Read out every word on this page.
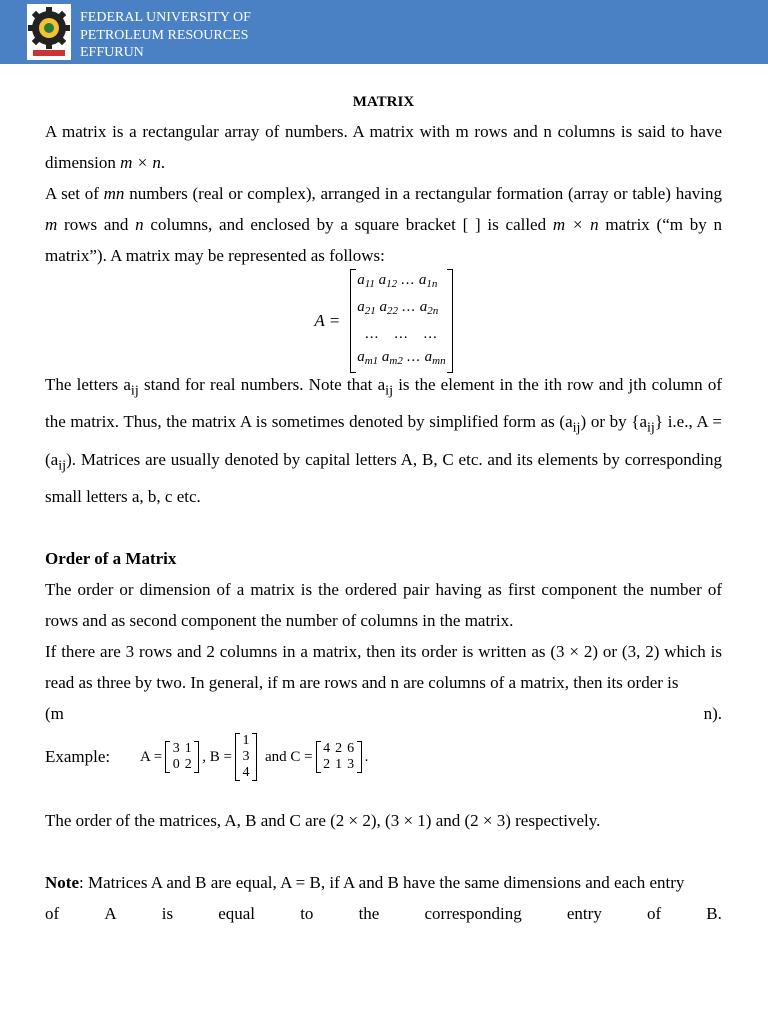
FEDERAL UNIVERSITY OF
PETROLEUM RESOURCES
EFFURUN
MATRIX

A matrix is a rectangular array of numbers. A matrix with m rows and n columns is said to have dimension m × n.

A set of mn numbers (real or complex), arranged in a rectangular formation (array or table) having m rows and n columns, and enclosed by a square bracket [ ] is called m × n matrix (“m by n matrix”). A matrix may be represented as follows:

A =
$a_{11}$ $a_{12}$ ... $a_{1n}$
$a_{21}$ $a_{22}$ ... $a_{2n}$
... ... ...
$a_{m1}$ $a_{m2}$ ... $a_{mn}$

The letters $a_{ij}$ stand for real numbers. Note that $a_{ij}$ is the element in the ith row and jth column of the matrix. Thus, the matrix A is sometimes denoted by simplified form as $(a_{ij})$ or by $\{a_{ij}\}$ i.e., $A = (a_{ij})$. Matrices are usually denoted by capital letters A, B, C etc. and its elements by corresponding small letters a, b, c etc.

Order of a Matrix

The order or dimension of a matrix is the ordered pair having as first component the number of rows and as second component the number of columns in the matrix.

If there are 3 rows and 2 columns in a matrix, then its order is written as (3 × 2) or (3, 2) which is read as three by two. In general, if m are rows and n are columns of a matrix, then its order is

(m	n).
Example:	A = 3 1
0 2 , B =
1
3
4
and C = 4 2 6
2 1 3 .

The order of the matrices, A, B and C are (2 × 2), (3 × 1) and (2 × 3) respectively.

Note: Matrices A and B are equal, A = B, if A and B have the same dimensions and each entry

of	A	is	equal	to	the	corresponding	entry	of	B.
